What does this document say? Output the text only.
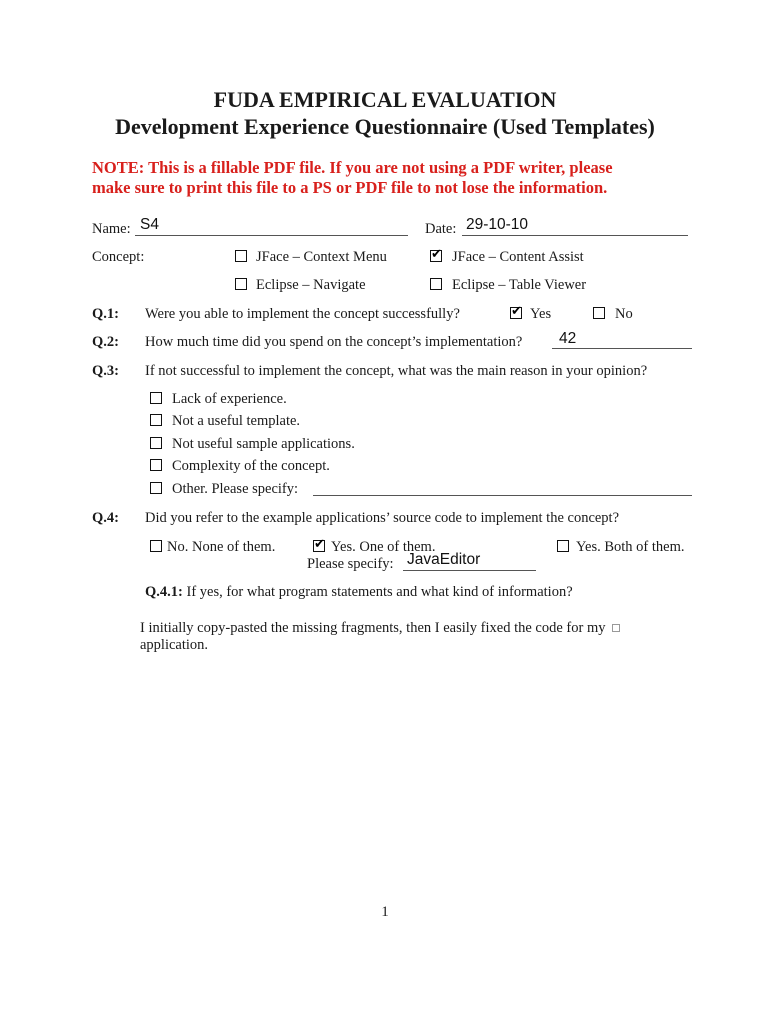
FUDA EMPIRICAL EVALUATION
Development Experience Questionnaire (Used Templates)
NOTE: This is a fillable PDF file. If you are not using a PDF writer, please
make sure to print this file to a PS or PDF file to not lose the information.
Name: S4	Date: 29-10-10
Concept:	JFace – Context Menu ✔	JFace – Content Assist
Eclipse – Navigate	Eclipse – Table Viewer
Q.1: Were you able to implement the concept successfully? ✔	Yes	No
Q.2: How much time did you spend on the concept’s implementation? 42
Q.3: If not successful to implement the concept, what was the main reason in your opinion?
Lack of experience.
Not a useful template.
Not useful sample applications.
Complexity of the concept.
Other. Please specify:
Q.4: Did you refer to the example applications’ source code to implement the concept?
No. None of them. ✔	Yes. One of them.	Yes. Both of them.
Please specify: JavaEditor
Q.4.1: If yes, for what program statements and what kind of information?
I initially copy-pasted the missing fragments, then I easily fixed the code for my
application.
1
